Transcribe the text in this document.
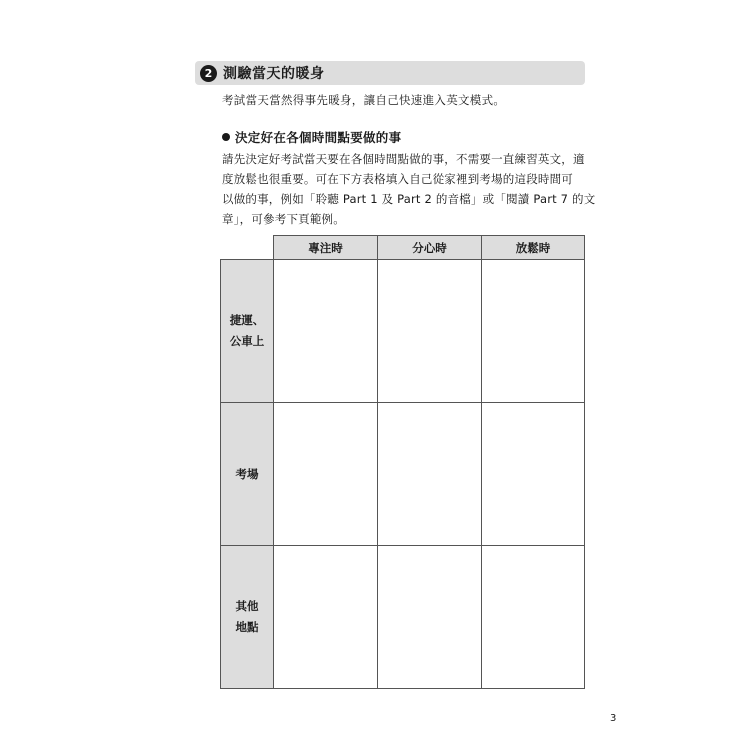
2 測驗當天的暖身
考試當天當然得事先暖身，讓自己快速進入英文模式。
決定好在各個時間點要做的事
請先決定好考試當天要在各個時間點做的事，不需要一直練習英文，適
度放鬆也很重要。可在下方表格填入自己從家裡到考場的這段時間可
以做的事，例如「聆聽 Part 1 及 Part 2 的音檔」或「閱讀 Part 7 的文
章」，可參考下頁範例。
專注時	分心時	放鬆時
捷運、
公車上
考場
其他
地點
3
